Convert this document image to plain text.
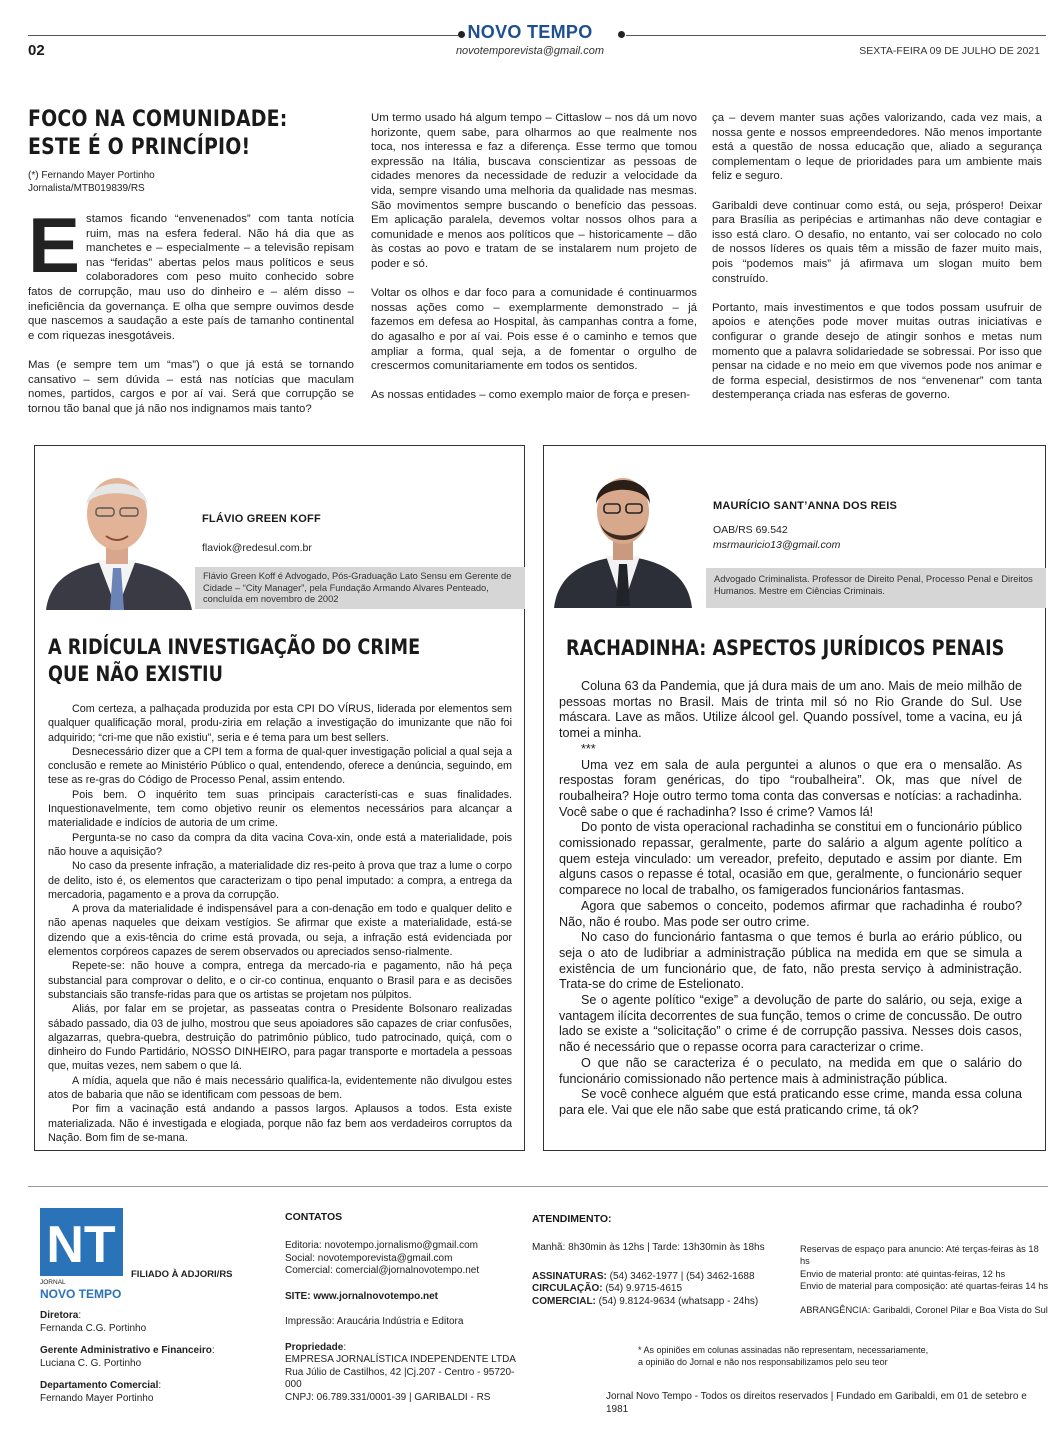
NOVO TEMPO
novotemporevista@gmail.com
02	SEXTA-FEIRA 09 DE JULHO DE 2021
FOCO NA COMUNIDADE:
ESTE É O PRINCÍPIO!
(*) Fernando Mayer Portinho
Jornalista/MTB019839/RS

Estamos ficando “envenenados” com tanta notícia ruim, mas na esfera federal. Não há dia que as manchetes e – especialmente – a televisão repisam nas “feridas” abertas pelos maus políticos e seus colaboradores com peso muito conhecido sobre fatos de corrupção, mau uso do dinheiro e – além disso – ineficiência da governança. E olha que sempre ouvimos desde que nascemos a saudação a este país de tamanho continental e com riquezas inesgotáveis.

Mas (e sempre tem um “mas”) o que já está se tornando cansativo – sem dúvida – está nas notícias que maculam nomes, partidos, cargos e por aí vai. Será que corrupção se tornou tão banal que já não nos indignamos mais tanto?

Um termo usado há algum tempo – Cittaslow – nos dá um novo horizonte, quem sabe, para olharmos ao que realmente nos toca, nos interessa e faz a diferença. Esse termo que tomou expressão na Itália, buscava conscientizar as pessoas de cidades menores da necessidade de reduzir a velocidade da vida, sempre visando uma melhoria da qualidade nas mesmas. São movimentos sempre buscando o benefício das pessoas. Em aplicação paralela, devemos voltar nossos olhos para a comunidade e menos aos políticos que – historicamente – dão às costas ao povo e tratam de se instalarem num projeto de poder e só.

Voltar os olhos e dar foco para a comunidade é continuarmos nossas ações como – exemplarmente demonstrado – já fazemos em defesa ao Hospital, às campanhas contra a fome, do agasalho e por aí vai. Pois esse é o caminho e temos que ampliar a forma, qual seja, a de fomentar o orgulho de crescermos comunitariamente em todos os sentidos.

As nossas entidades – como exemplo maior de força e presen-

ça – devem manter suas ações valorizando, cada vez mais, a nossa gente e nossos empreendedores. Não menos importante está a questão de nossa educação que, aliado a segurança complementam o leque de prioridades para um ambiente mais feliz e seguro.

Garibaldi deve continuar como está, ou seja, próspero! Deixar para Brasília as peripécias e artimanhas não deve contagiar e isso está claro. O desafio, no entanto, vai ser colocado no colo de nossos líderes os quais têm a missão de fazer muito mais, pois “podemos mais” já afirmava um slogan muito bem construído.

Portanto, mais investimentos e que todos possam usufruir de apoios e atenções pode mover muitas outras iniciativas e configurar o grande desejo de atingir sonhos e metas num momento que a palavra solidariedade se sobressai. Por isso que pensar na cidade e no meio em que vivemos pode nos animar e de forma especial, desistirmos de nos “envenenar” com tanta destemperança criada nas esferas de governo.

FLÁVIO GREEN KOFF
flaviok@redesul.com.br
Flávio Green Koff é Advogado, Pós-Graduação Lato Sensu em Gerente de Cidade – “City Manager”, pela Fundação Armando Alvares Penteado, concluída em novembro de 2002
A RIDÍCULA INVESTIGAÇÃO DO CRIME
QUE NÃO EXISTIU

Com certeza, a palhaçada produzida por esta CPI DO VÍRUS, liderada por elementos sem qualquer qualificação moral, produ-ziria em relação a investigação do imunizante que não foi adquirido; “cri-me que não existiu”, seria e é tema para um best sellers.

Desnecessário dizer que a CPI tem a forma de qual-quer investigação policial a qual seja a conclusão e remete ao Ministério Público o qual, entendendo, oferece a denúncia, seguindo, em tese as re-gras do Código de Processo Penal, assim entendo.

Pois bem. O inquérito tem suas principais característi-cas e suas finalidades. Inquestionavelmente, tem como objetivo reunir os elementos necessários para alcançar a materialidade e indícios de autoria de um crime.

Pergunta-se no caso da compra da dita vacina Cova-xin, onde está a materialidade, pois não houve a aquisição?

No caso da presente infração, a materialidade diz res-peito à prova que traz a lume o corpo de delito, isto é, os elementos que caracterizam o tipo penal imputado: a compra, a entrega da mercadoria, pagamento e a prova da corrupção.

A prova da materialidade é indispensável para a con-denação em todo e qualquer delito e não apenas naqueles que deixam vestígios. Se afirmar que existe a materialidade, está-se dizendo que a exis-tência do crime está provada, ou seja, a infração está evidenciada por elementos corpóreos capazes de serem observados ou apreciados senso-rialmente.

Repete-se: não houve a compra, entrega da mercado-ria e pagamento, não há peça substancial para comprovar o delito, e o cir-co continua, enquanto o Brasil para e as decisões substanciais são transfe-ridas para que os artistas se projetam nos púlpitos.

Aliás, por falar em se projetar, as passeatas contra o Presidente Bolsonaro realizadas sábado passado, dia 03 de julho, mostrou que seus apoiadores são capazes de criar confusões, algazarras, quebra-quebra, destruição do patrimônio público, tudo patrocinado, quiçá, com o dinheiro do Fundo Partidário, NOSSO DINHEIRO, para pagar transporte e mortadela a pessoas que, muitas vezes, nem sabem o que lá.

A mídia, aquela que não é mais necessário qualifica-la, evidentemente não divulgou estes atos de babaria que não se identificam com pessoas de bem.

Por fim a vacinação está andando a passos largos. Aplausos a todos. Esta existe materializada. Não é investigada e elogiada, porque não faz bem aos verdadeiros corruptos da Nação. Bom fim de se-mana.

MAURÍCIO SANT’ANNA DOS REIS
OAB/RS 69.542
msrmauricio13@gmail.com
Advogado Criminalista. Professor de Direito Penal, Processo Penal e Direitos Humanos. Mestre em Ciências Criminais.
RACHADINHA: ASPECTOS JURÍDICOS PENAIS

Coluna 63 da Pandemia, que já dura mais de um ano. Mais de meio milhão de pessoas mortas no Brasil. Mais de trinta mil só no Rio Grande do Sul. Use máscara. Lave as mãos. Utilize álcool gel. Quando possível, tome a vacina, eu já tomei a minha.

***

Uma vez em sala de aula perguntei a alunos o que era o mensalão. As respostas foram genéricas, do tipo “roubalheira”. Ok, mas que nível de roubalheira? Hoje outro termo toma conta das conversas e notícias: a rachadinha. Você sabe o que é rachadinha? Isso é crime? Vamos lá!

Do ponto de vista operacional rachadinha se constitui em o funcionário público comissionado repassar, geralmente, parte do salário a algum agente político a quem esteja vinculado: um vereador, prefeito, deputado e assim por diante. Em alguns casos o repasse é total, ocasião em que, geralmente, o funcionário sequer comparece no local de trabalho, os famigerados funcionários fantasmas.

Agora que sabemos o conceito, podemos afirmar que rachadinha é roubo? Não, não é roubo. Mas pode ser outro crime.

No caso do funcionário fantasma o que temos é burla ao erário público, ou seja o ato de ludibriar a administração pública na medida em que se simula a existência de um funcionário que, de fato, não presta serviço à administração. Trata-se do crime de Estelionato.

Se o agente político “exige” a devolução de parte do salário, ou seja, exige a vantagem ilícita decorrentes de sua função, temos o crime de concussão. De outro lado se existe a “solicitação” o crime é de corrupção passiva. Nesses dois casos, não é necessário que o repasse ocorra para caracterizar o crime.

O que não se caracteriza é o peculato, na medida em que o salário do funcionário comissionado não pertence mais à administração pública.

Se você conhece alguém que está praticando esse crime, manda essa coluna para ele. Vai que ele não sabe que está praticando crime, tá ok?

NT
JORNAL
NOVO TEMPO
FILIADO À ADJORI/RS
Diretora:
Fernanda C.G. Portinho
Gerente Administrativo e Financeiro:
Luciana C. G. Portinho
Departamento Comercial:
Fernando Mayer Portinho
CONTATOS
Editoria: novotempo.jornalismo@gmail.com
Social: novotemporevista@gmail.com
Comercial: comercial@jornalnovotempo.net
SITE: www.jornalnovotempo.net
Impressão: Araucária Indústria e Editora
Propriedade:
EMPRESA JORNALÍSTICA INDEPENDENTE LTDA
Rua Júlio de Castilhos, 42 |Cj.207 - Centro - 95720-000
CNPJ: 06.789.331/0001-39 | GARIBALDI - RS
ATENDIMENTO:
Manhã: 8h30min às 12hs | Tarde: 13h30min às 18hs
ASSINATURAS: (54) 3462-1977 | (54) 3462-1688
CIRCULAÇÃO: (54) 9.9715-4615
COMERCIAL: (54) 9.8124-9634 (whatsapp - 24hs)
Reservas de espaço para anuncio: Até terças-feiras às 18 hs
Envio de material pronto: até quintas-feiras, 12 hs
Envio de material para composição: até quartas-feiras 14 hs
ABRANGÊNCIA: Garibaldi, Coronel Pilar e Boa Vista do Sul
* As opiniões em colunas assinadas não representam, necessariamente,
a opinião do Jornal e não nos responsabilizamos pelo seu teor
Jornal Novo Tempo - Todos os direitos reservados | Fundado em Garibaldi, em 01 de setebro e 1981
